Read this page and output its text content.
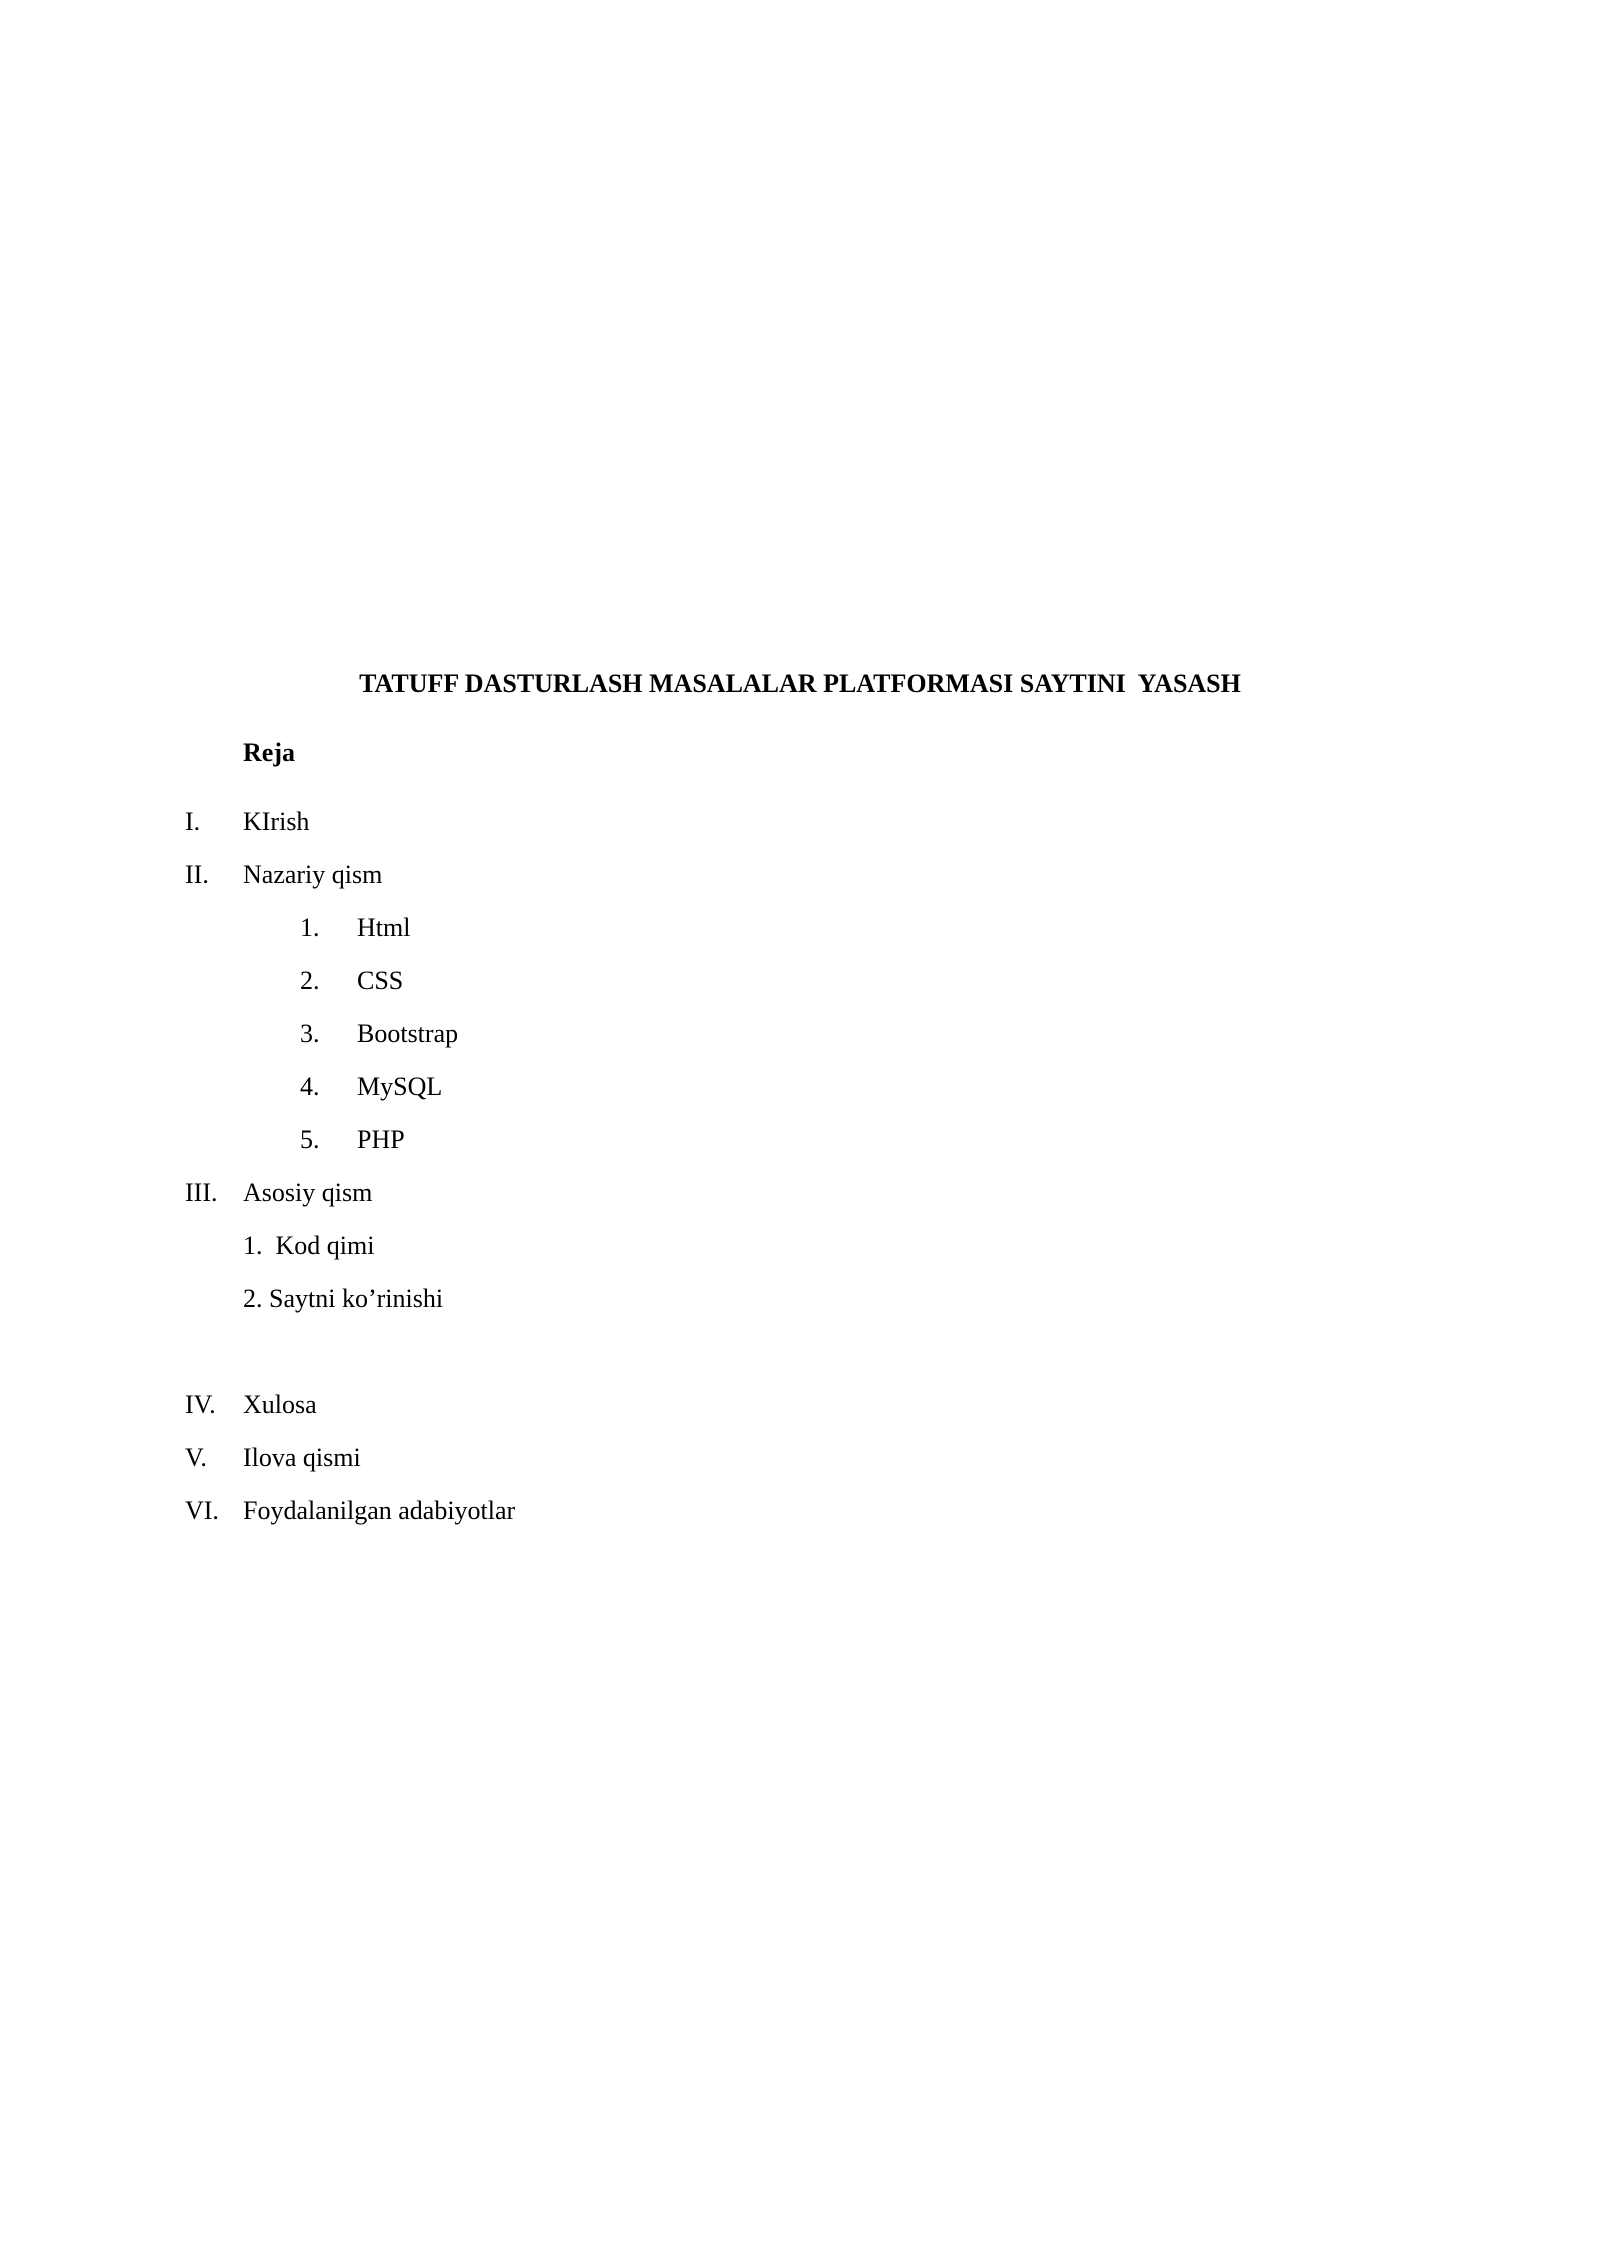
TATUFF DASTURLASH MASALALAR PLATFORMASI SAYTINI  YASASH
Reja
I. KIrish
II. Nazariy qism
1. Html
2. CSS
3. Bootstrap
4. MySQL
5. PHP
III. Asosiy qism
1.  Kod qimi
2. Saytni ko’rinishi
IV. Xulosa
V. Ilova qismi
VI. Foydalanilgan adabiyotlar
